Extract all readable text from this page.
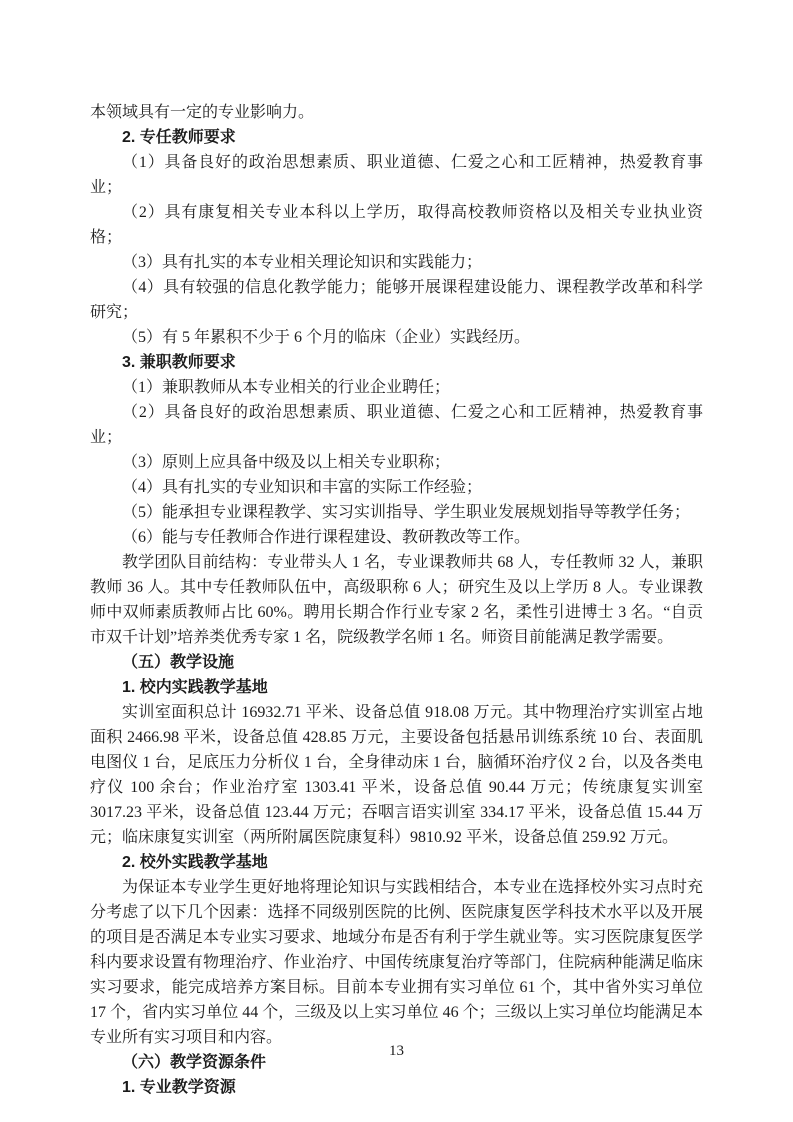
本领域具有一定的专业影响力。

2. 专任教师要求

（1）具备良好的政治思想素质、职业道德、仁爱之心和工匠精神，热爱教育事业；

（2）具有康复相关专业本科以上学历，取得高校教师资格以及相关专业执业资格；

（3）具有扎实的本专业相关理论知识和实践能力；

（4）具有较强的信息化教学能力；能够开展课程建设能力、课程教学改革和科学研究；

（5）有 5 年累积不少于 6 个月的临床（企业）实践经历。

3. 兼职教师要求

（1）兼职教师从本专业相关的行业企业聘任；

（2）具备良好的政治思想素质、职业道德、仁爱之心和工匠精神，热爱教育事业；

（3）原则上应具备中级及以上相关专业职称；

（4）具有扎实的专业知识和丰富的实际工作经验；

（5）能承担专业课程教学、实习实训指导、学生职业发展规划指导等教学任务；

（6）能与专任教师合作进行课程建设、教研教改等工作。

教学团队目前结构：专业带头人 1 名，专业课教师共 68 人，专任教师 32 人，兼职教师 36 人。其中专任教师队伍中，高级职称 6 人；研究生及以上学历 8 人。专业课教师中双师素质教师占比 60%。聘用长期合作行业专家 2 名，柔性引进博士 3 名。“自贡市双千计划”培养类优秀专家 1 名，院级教学名师 1 名。师资目前能满足教学需要。

（五）教学设施

1. 校内实践教学基地

实训室面积总计 16932.71 平米、设备总值 918.08 万元。其中物理治疗实训室占地面积 2466.98 平米，设备总值 428.85 万元，主要设备包括悬吊训练系统 10 台、表面肌电图仪 1 台，足底压力分析仪 1 台，全身律动床 1 台，脑循环治疗仪 2 台，以及各类电疗仪 100 余台；作业治疗室 1303.41 平米，设备总值 90.44 万元；传统康复实训室 3017.23 平米，设备总值 123.44 万元；吞咽言语实训室 334.17 平米，设备总值 15.44 万元；临床康复实训室（两所附属医院康复科）9810.92 平米，设备总值 259.92 万元。

2. 校外实践教学基地

为保证本专业学生更好地将理论知识与实践相结合，本专业在选择校外实习点时充分考虑了以下几个因素：选择不同级别医院的比例、医院康复医学科技术水平以及开展的项目是否满足本专业实习要求、地域分布是否有利于学生就业等。实习医院康复医学科内要求设置有物理治疗、作业治疗、中国传统康复治疗等部门，住院病种能满足临床实习要求，能完成培养方案目标。目前本专业拥有实习单位 61 个，其中省外实习单位 17 个，省内实习单位 44 个，三级及以上实习单位 46 个；三级以上实习单位均能满足本专业所有实习项目和内容。

（六）教学资源条件

1. 专业教学资源

13
